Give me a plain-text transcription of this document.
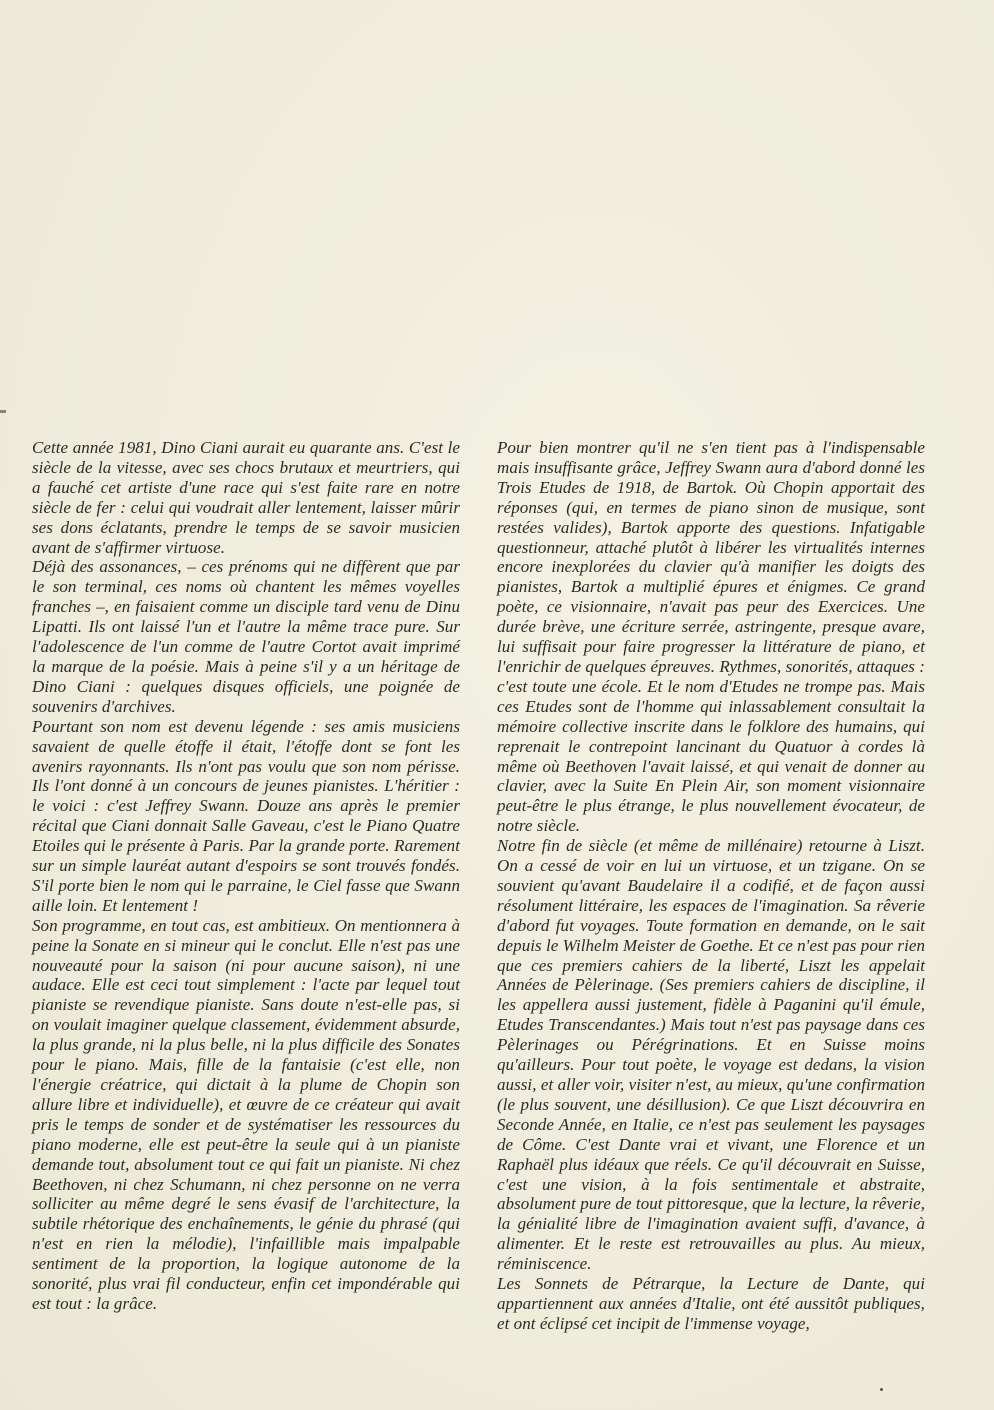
Cette année 1981, Dino Ciani aurait eu quarante ans. C'est le siècle de la vitesse, avec ses chocs brutaux et meurtriers, qui a fauché cet artiste d'une race qui s'est faite rare en notre siècle de fer : celui qui voudrait aller lentement, laisser mûrir ses dons éclatants, prendre le temps de se savoir musicien avant de s'affirmer virtuose.

Déjà des assonances, – ces prénoms qui ne diffèrent que par le son terminal, ces noms où chantent les mêmes voyelles franches –, en faisaient comme un disciple tard venu de Dinu Lipatti. Ils ont laissé l'un et l'autre la même trace pure. Sur l'adolescence de l'un comme de l'autre Cortot avait imprimé la marque de la poésie. Mais à peine s'il y a un héritage de Dino Ciani : quelques disques officiels, une poignée de souvenirs d'archives.

Pourtant son nom est devenu légende : ses amis musiciens savaient de quelle étoffe il était, l'étoffe dont se font les avenirs rayonnants. Ils n'ont pas voulu que son nom périsse. Ils l'ont donné à un concours de jeunes pianistes. L'héritier : le voici : c'est Jeffrey Swann. Douze ans après le premier récital que Ciani donnait Salle Gaveau, c'est le Piano Quatre Etoiles qui le présente à Paris. Par la grande porte. Rarement sur un simple lauréat autant d'espoirs se sont trouvés fondés. S'il porte bien le nom qui le parraine, le Ciel fasse que Swann aille loin. Et lentement !

Son programme, en tout cas, est ambitieux. On mentionnera à peine la Sonate en si mineur qui le conclut. Elle n'est pas une nouveauté pour la saison (ni pour aucune saison), ni une audace. Elle est ceci tout simplement : l'acte par lequel tout pianiste se revendique pianiste. Sans doute n'est-elle pas, si on voulait imaginer quelque classement, évidemment absurde, la plus grande, ni la plus belle, ni la plus difficile des Sonates pour le piano. Mais, fille de la fantaisie (c'est elle, non l'énergie créatrice, qui dictait à la plume de Chopin son allure libre et individuelle), et œuvre de ce créateur qui avait pris le temps de sonder et de systématiser les ressources du piano moderne, elle est peut-être la seule qui à un pianiste demande tout, absolument tout ce qui fait un pianiste. Ni chez Beethoven, ni chez Schumann, ni chez personne on ne verra solliciter au même degré le sens évasif de l'architecture, la subtile rhétorique des enchaînements, le génie du phrasé (qui n'est en rien la mélodie), l'infaillible mais impalpable sentiment de la proportion, la logique autonome de la sonorité, plus vrai fil conducteur, enfin cet impondérable qui est tout : la grâce.

Pour bien montrer qu'il ne s'en tient pas à l'indispensable mais insuffisante grâce, Jeffrey Swann aura d'abord donné les Trois Etudes de 1918, de Bartok. Où Chopin apportait des réponses (qui, en termes de piano sinon de musique, sont restées valides), Bartok apporte des questions. Infatigable questionneur, attaché plutôt à libérer les virtualités internes encore inexplorées du clavier qu'à manifier les doigts des pianistes, Bartok a multiplié épures et énigmes. Ce grand poète, ce visionnaire, n'avait pas peur des Exercices. Une durée brève, une écriture serrée, astringente, presque avare, lui suffisait pour faire progresser la littérature de piano, et l'enrichir de quelques épreuves. Rythmes, sonorités, attaques : c'est toute une école. Et le nom d'Etudes ne trompe pas. Mais ces Etudes sont de l'homme qui inlassablement consultait la mémoire collective inscrite dans le folklore des humains, qui reprenait le contrepoint lancinant du Quatuor à cordes là même où Beethoven l'avait laissé, et qui venait de donner au clavier, avec la Suite En Plein Air, son moment visionnaire peut-être le plus étrange, le plus nouvellement évocateur, de notre siècle.

Notre fin de siècle (et même de millénaire) retourne à Liszt. On a cessé de voir en lui un virtuose, et un tzigane. On se souvient qu'avant Baudelaire il a codifié, et de façon aussi résolument littéraire, les espaces de l'imagination. Sa rêverie d'abord fut voyages. Toute formation en demande, on le sait depuis le Wilhelm Meister de Goethe. Et ce n'est pas pour rien que ces premiers cahiers de la liberté, Liszt les appelait Années de Pèlerinage. (Ses premiers cahiers de discipline, il les appellera aussi justement, fidèle à Paganini qu'il émule, Etudes Transcendantes.) Mais tout n'est pas paysage dans ces Pèlerinages ou Pérégrinations. Et en Suisse moins qu'ailleurs. Pour tout poète, le voyage est dedans, la vision aussi, et aller voir, visiter n'est, au mieux, qu'une confirmation (le plus souvent, une désillusion). Ce que Liszt découvrira en Seconde Année, en Italie, ce n'est pas seulement les paysages de Côme. C'est Dante vrai et vivant, une Florence et un Raphaël plus idéaux que réels. Ce qu'il découvrait en Suisse, c'est une vision, à la fois sentimentale et abstraite, absolument pure de tout pittoresque, que la lecture, la rêverie, la génialité libre de l'imagination avaient suffi, d'avance, à alimenter. Et le reste est retrouvailles au plus. Au mieux, réminiscence.

Les Sonnets de Pétrarque, la Lecture de Dante, qui appartiennent aux années d'Italie, ont été aussitôt publiques, et ont éclipsé cet incipit de l'immense voyage,
